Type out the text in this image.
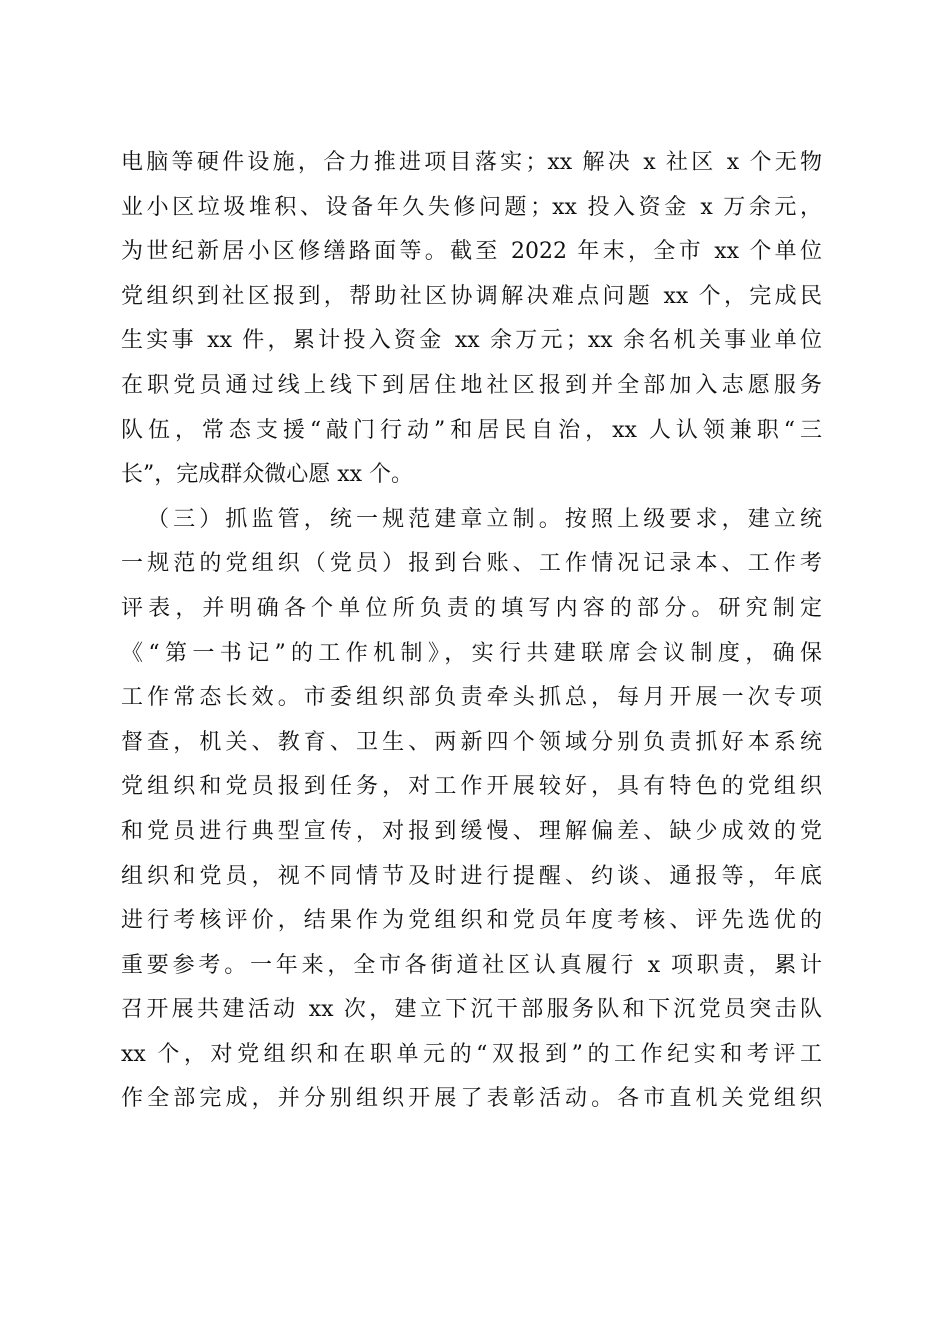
电脑等硬件设施，合力推进项目落实；xx 解决 x 社区 x 个无物
业小区垃圾堆积、设备年久失修问题；xx 投入资金 x 万余元，
为世纪新居小区修缮路面等。截至 2022 年末，全市 xx 个单位
党组织到社区报到，帮助社区协调解决难点问题 xx 个，完成民
生实事 xx 件，累计投入资金 xx 余万元；xx 余名机关事业单位
在职党员通过线上线下到居住地社区报到并全部加入志愿服务
队伍，常态支援“敲门行动”和居民自治，xx 人认领兼职“三
长”，完成群众微心愿 xx 个。
（三）抓监管，统一规范建章立制。按照上级要求，建立统
一规范的党组织（党员）报到台账、工作情况记录本、工作考
评表，并明确各个单位所负责的填写内容的部分。研究制定
《“第一书记”的工作机制》，实行共建联席会议制度，确保
工作常态长效。市委组织部负责牵头抓总，每月开展一次专项
督查，机关、教育、卫生、两新四个领域分别负责抓好本系统
党组织和党员报到任务，对工作开展较好，具有特色的党组织
和党员进行典型宣传，对报到缓慢、理解偏差、缺少成效的党
组织和党员，视不同情节及时进行提醒、约谈、通报等，年底
进行考核评价，结果作为党组织和党员年度考核、评先选优的
重要参考。一年来，全市各街道社区认真履行 x 项职责，累计
召开展共建活动 xx 次，建立下沉干部服务队和下沉党员突击队
xx 个，对党组织和在职单元的“双报到”的工作纪实和考评工
作全部完成，并分别组织开展了表彰活动。各市直机关党组织
